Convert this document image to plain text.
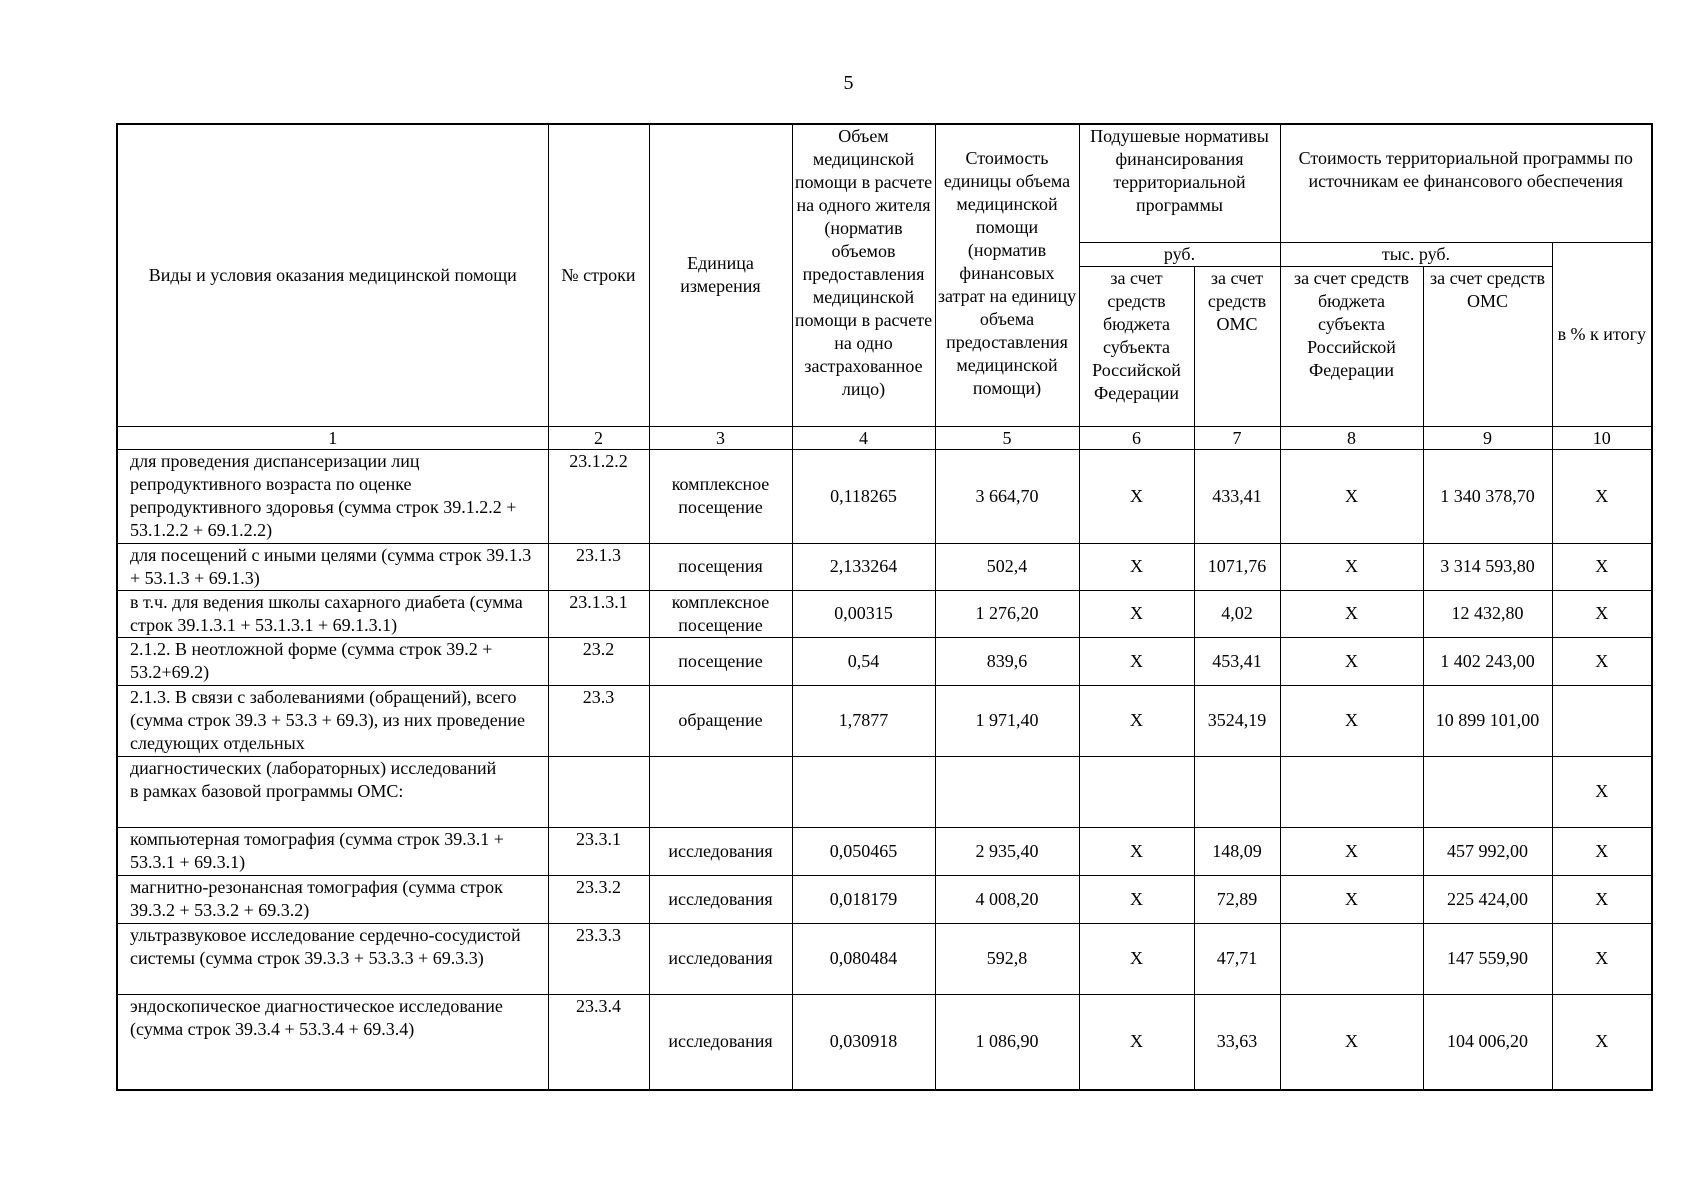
5
Виды и условия оказания медицинской помощи	№ строки	Единица измерения	Объем медицинской помощи в расчете на одного жителя (норматив объемов предоставления медицинской помощи в расчете на одно застрахованное лицо)	Стоимость единицы объема медицинской помощи (норматив финансовых затрат на единицу объема предоставления медицинской помощи)	Подушевые нормативы финансирования территориальной программы		Стоимость территориальной программы по источникам ее финансового обеспечения		
					руб.		тыс. руб.		в % к итогу
					за счет средств бюджета субъекта Российской Федерации	за счет средств ОМС	за счет средств бюджета субъекта Российской Федерации	за счет средств ОМС	
1	2	3	4	5	6	7	8	9	10
для проведения диспансеризации лиц репродуктивного возраста по оценке репродуктивного здоровья (сумма строк 39.1.2.2 + 53.1.2.2 + 69.1.2.2)	23.1.2.2	комплексное посещение	0,118265	3 664,70	Х	433,41	Х	1 340 378,70	Х
для посещений с иными целями (сумма строк 39.1.3 + 53.1.3 + 69.1.3)	23.1.3	посещения	2,133264	502,4	Х	1071,76	Х	3 314 593,80	Х
в т.ч. для ведения школы сахарного диабета (сумма строк 39.1.3.1 + 53.1.3.1 + 69.1.3.1)	23.1.3.1	комплексное посещение	0,00315	1 276,20	Х	4,02	Х	12 432,80	Х
2.1.2. В неотложной форме (сумма строк 39.2 + 53.2+69.2)	23.2	посещение	0,54	839,6	Х	453,41	Х	1 402 243,00	Х
2.1.3. В связи с заболеваниями (обращений), всего (сумма строк 39.3 + 53.3 + 69.3), из них проведение следующих отдельных	23.3	обращение	1,7877	1 971,40	Х	3524,19	Х	10 899 101,00	
диагностических (лабораторных) исследований
в рамках базовой программы ОМС:									Х
компьютерная томография (сумма строк 39.3.1 + 53.3.1 + 69.3.1)	23.3.1	исследования	0,050465	2 935,40	Х	148,09	Х	457 992,00	Х
магнитно-резонансная томография (сумма строк 39.3.2 + 53.3.2 + 69.3.2)	23.3.2	исследования	0,018179	4 008,20	Х	72,89	Х	225 424,00	Х
ультразвуковое исследование сердечно-сосудистой системы (сумма строк 39.3.3 + 53.3.3 + 69.3.3)	23.3.3	исследования	0,080484	592,8	Х	47,71		147 559,90	Х
эндоскопическое диагностическое исследование (сумма строк 39.3.4 + 53.3.4 + 69.3.4)	23.3.4	исследования	0,030918	1 086,90	Х	33,63	Х	104 006,20	Х
